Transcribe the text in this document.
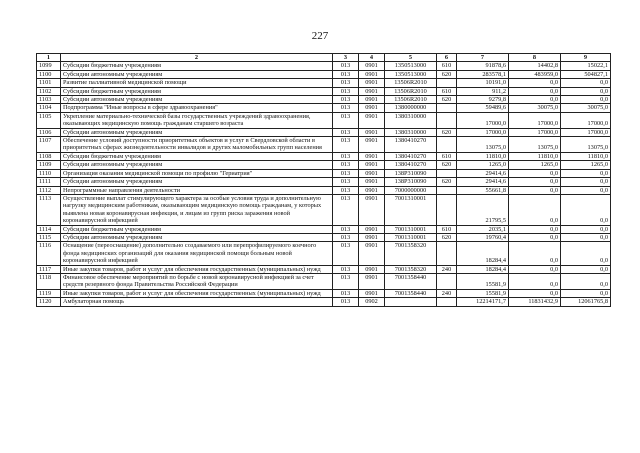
227
1	2	3	4	5	6	7	8	9
1099	Субсидии бюджетным учреждениям	013	0901	1350513000	610	91878,6	14402,8	15022,1
1100	Субсидии автономным учреждениям	013	0901	1350513000	620	283578,1	483959,0	504827,1
1101	Развитие паллиативной медицинской помощи	013	0901	13506R2010		10191,0	0,0	0,0
1102	Субсидии бюджетным учреждениям	013	0901	13506R2010	610	911,2	0,0	0,0
1103	Субсидии автономным учреждениям	013	0901	13506R2010	620	9279,8	0,0	0,0
1104	Подпрограмма "Иные вопросы в сфере здравоохранения"	013	0901	1380000000		59489,6	30075,0	30075,0
1105	Укрепление материально-технической базы государственных учреждений здравоохранения, оказывающих медицинскую помощь гражданам старшего возраста	013	0901	1380310000		17000,0	17000,0	17000,0
1106	Субсидии автономным учреждениям	013	0901	1380310000	620	17000,0	17000,0	17000,0
1107	Обеспечение условий доступности приоритетных объектов и услуг в Свердловской области в приоритетных сферах жизнедеятельности инвалидов и других маломобильных групп населения	013	0901	1380410270		13075,0	13075,0	13075,0
1108	Субсидии бюджетным учреждениям	013	0901	1380410270	610	11810,0	11810,0	11810,0
1109	Субсидии автономным учреждениям	013	0901	1380410270	620	1265,0	1265,0	1265,0
1110	Организация оказания медицинской помощи по профилю "Гериатрия"	013	0901	138P310090		29414,6	0,0	0,0
1111	Субсидии автономным учреждениям	013	0901	138P310090	620	29414,6	0,0	0,0
1112	Непрограммные направления деятельности	013	0901	7000000000		55661,8	0,0	0,0
1113	Осуществление выплат стимулирующего характера за особые условия труда и дополнительную нагрузку медицинским работникам, оказывающим медицинскую помощь гражданам, у которых выявлена новая коронавирусная инфекция, и лицам из групп риска заражения новой коронавирусной инфекцией	013	0901	7001310001		21795,5	0,0	0,0
1114	Субсидии бюджетным учреждениям	013	0901	7001310001	610	2035,1	0,0	0,0
1115	Субсидии автономным учреждениям	013	0901	7001310001	620	19760,4	0,0	0,0
1116	Оснащение (переоснащение) дополнительно создаваемого или перепрофилируемого коечного фонда медицинских организаций для оказания медицинской помощи больным новой коронавирусной инфекцией	013	0901	7001358320		18284,4	0,0	0,0
1117	Иные закупки товаров, работ и услуг для обеспечения государственных (муниципальных) нужд	013	0901	7001358320	240	18284,4	0,0	0,0
1118	Финансовое обеспечение мероприятий по борьбе с новой коронавирусной инфекцией за счет средств резервного фонда Правительства Российской Федерации	013	0901	7001358440		15581,9	0,0	0,0
1119	Иные закупки товаров, работ и услуг для обеспечения государственных (муниципальных) нужд	013	0901	7001358440	240	15581,9	0,0	0,0
1120	Амбулаторная помощь	013	0902			12214171,7	11831432,9	12061765,8
